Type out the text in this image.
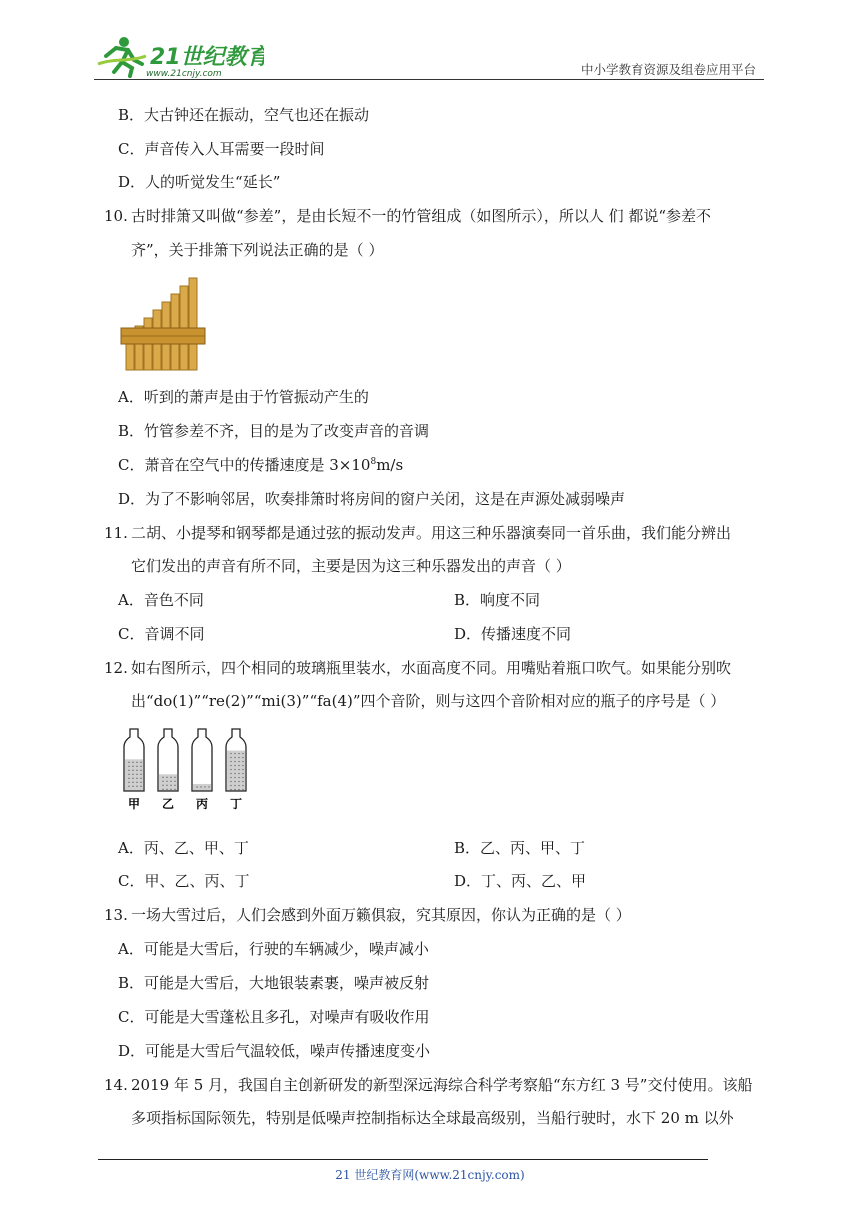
21世纪教育
www.21cnjy.com	中小学教育资源及组卷应用平台
B．大古钟还在振动，空气也还在振动
C．声音传入人耳需要一段时间
D．人的听觉发生“延长”
10. 古时排箫又叫做“参差”，是由长短不一的竹管组成（如图所示），所以人 们 都说“参差不
齐”，关于排箫下列说法正确的是（ ）
A．听到的萧声是由于竹管振动产生的
B．竹管参差不齐，目的是为了改变声音的音调
C．萧音在空气中的传播速度是 $3\times 10^8m/s$
D．为了不影响邻居，吹奏排箫时将房间的窗户关闭，这是在声源处减弱噪声
11. 二胡、小提琴和钢琴都是通过弦的振动发声。用这三种乐器演奏同一首乐曲，我们能分辨出
它们发出的声音有所不同，主要是因为这三种乐器发出的声音（ ）
A．音色不同	B．响度不同
C．音调不同	D．传播速度不同
12. 如右图所示，四个相同的玻璃瓶里装水，水面高度不同。用嘴贴着瓶口吹气。如果能分别吹
出“do(1)”“re(2)”“mi(3)”“fa(4)”四个音阶，则与这四个音阶相对应的瓶子的序号是（ ）
甲 乙 丙 丁
A．丙、乙、甲、丁	B．乙、丙、甲、丁
C．甲、乙、丙、丁	D．丁、丙、乙、甲
13. 一场大雪过后，人们会感到外面万籁俱寂，究其原因，你认为正确的是（ ）
A．可能是大雪后，行驶的车辆减少，噪声减小
B．可能是大雪后，大地银装素裹，噪声被反射
C．可能是大雪蓬松且多孔，对噪声有吸收作用
D．可能是大雪后气温较低，噪声传播速度变小
14. 2019 年 5 月，我国自主创新研发的新型深远海综合科学考察船“东方红 3 号”交付使用。该船
多项指标国际领先，特别是低噪声控制指标达全球最高级别，当船行驶时，水下 20 m 以外
21 世纪教育网(www.21cnjy.com)
